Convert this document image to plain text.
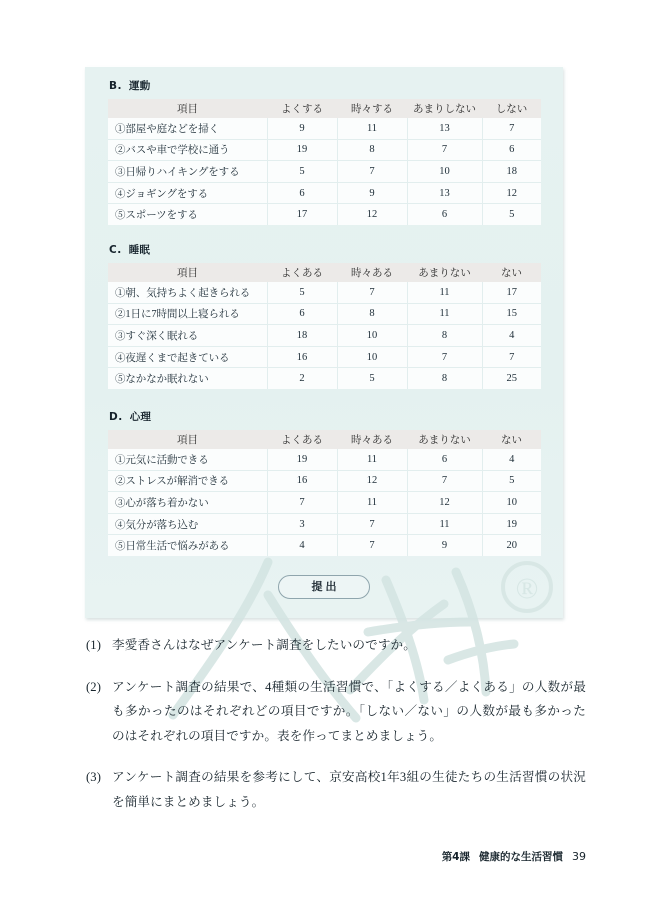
®
B. 運動
項目	よくする	時々する	あまりしない	しない
①部屋や庭などを掃く	9	11	13	7
②バスや車で学校に通う	19	8	7	6
③日帰りハイキングをする	5	7	10	18
④ジョギングをする	6	9	13	12
⑤スポーツをする	17	12	6	5
C. 睡眠
項目	よくある	時々ある	あまりない	ない
①朝、気持ちよく起きられる	5	7	11	17
②1日に7時間以上寝られる	6	8	11	15
③すぐ深く眠れる	18	10	8	4
④夜遅くまで起きている	16	10	7	7
⑤なかなか眠れない	2	5	8	25
D. 心理
項目	よくある	時々ある	あまりない	ない
①元気に活動できる	19	11	6	4
②ストレスが解消できる	16	12	7	5
③心が落ち着かない	7	11	12	10
④気分が落ち込む	3	7	11	19
⑤日常生活で悩みがある	4	7	9	20
提出
(1) 李愛香さんはなぜアンケート調査をしたいのですか。
(2) アンケート調査の結果で、4種類の生活習慣で、「よくする／よくある」の人数が最も多かったのはそれぞれどの項目ですか。「しない／ない」の人数が最も多かったのはそれぞれの項目ですか。表を作ってまとめましょう。
(3) アンケート調査の結果を参考にして、京安高校1年3組の生徒たちの生活習慣の状況を簡単にまとめましょう。
第4課 健康的な生活習慣 39
